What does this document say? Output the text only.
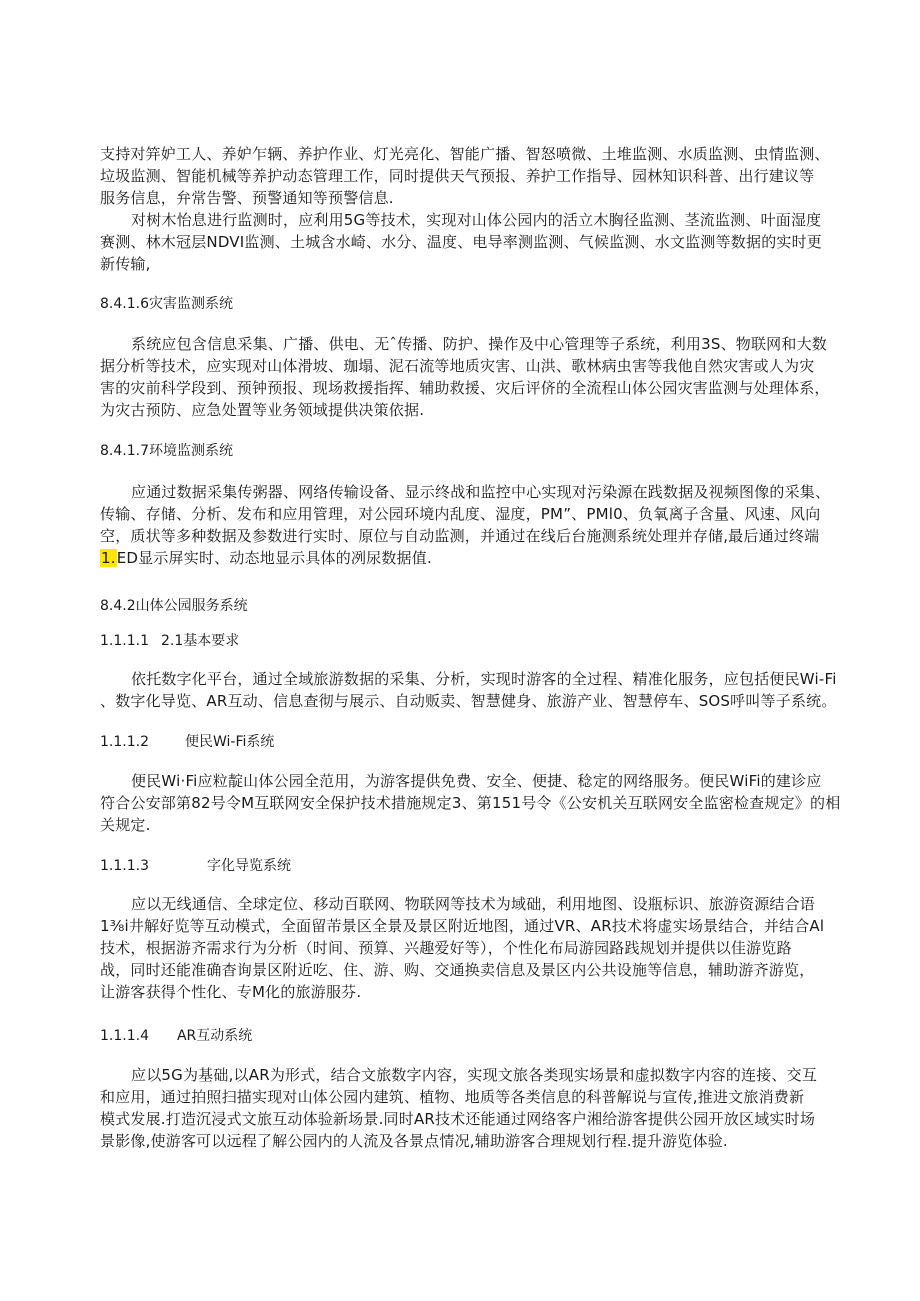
支持对笄妒工人、养妒乍辆、养护作业、灯光亮化、智能广播、智怒喷微、土堆监测、水质监测、虫情监测、
垃圾监测、智能机械等养护动态管理工作，同时提供天气预报、养护工作指导、园林知识科普、出行建议等
服务信息，弁常告警、预警通知等预警信息.

对树木怡息进行监测时，应利用5G等技术，实现对山体公园内的活立木胸径监测、茎流监测、叶面湿度
赛测、林木冠层NDVI监测、土城含水崎、水分、温度、电导率测监测、气候监测、水文监测等数据的实时更
新传输,

8.4.1.6灾害监测系统

系统应包含信息采集、广播、供电、无ˆ传播、防护、操作及中心管理等子系统，利用3S、物联网和大数
据分析等技术，应实现对山体滑坡、珈塌、泥石流等地质灾害、山洪、歌林病虫害等我他自然灾害或人为灾
害的灾前科学段到、预钟预报、现场救援指挥、辅助救援、灾后评侪的全流程山体公园灾害监测与处理体系，
为灾古预防、应急处置等业务领域提供决策依据.

8.4.1.7环境监测系统

应通过数据采集传粥器、网络传输设备、显示终战和监控中心实现对污染源在践数据及视频图像的采集、
传输、存储、分析、发布和应用管理，对公园环境内乱度、湿度，PM”、PMl0、负氧离子含量、风速、风向
空，质状等多种数据及参数进行实时、原位与自动监测，并通过在线后台施测系统处理并存储,最后通过终端
1.ED显示屏实时、动态地显示具体的冽尿数据值.

8.4.2山体公园服务系统
1.1.1.1 2.1基本要求

依托数字化平台，通过全域旅游数据的采集、分析，实现时游客的全过程、精准化服务，应包括便民Wi-Fi
、数字化导览、AR互动、信息查彻与展示、自动贩卖、智慧健身、旅游产业、智慧停车、SOS呼叫等子系统。

1.1.1.2	便民Wi-Fi系统

便民Wi·Fi应粒靛山体公园全范用，为游客提供免费、安全、便捷、稔定的网络服务。便民WiFi的建诊应
符合公安部第82号令M互联网安全保护技术措施规定3、第151号令《公安机关互联网安全监密检查规定》的相
关规定.

1.1.1.3	字化导览系统

应以无线通信、全球定位、移动百联网、物联网等技术为域础，利用地图、设瓶标识、旅游资源结合语
1⅜i井解好览等互动模式，全面留芾景区全景及景区附近地图，通过VR、AR技术将虚实场景结合，并结合Al
技术，根据游齐需求行为分析（时间、预算、兴趣爱好等），个性化布局游园路践规划并提供以佳游览路
战，同时还能准确杳询景区附近吃、住、游、购、交通换卖信息及景区内公共设施等信息，辅助游齐游览，
让游客获得个性化、专M化的旅游服芬.

1.1.1.4 AR互动系统

应以5G为基础,以AR为形式，结合文旅数字内容，实现文旅各类现实场景和虚拟数字内容的连接、交互
和应用，通过拍照扫描实现对山体公园内建筑、植物、地质等各类信息的科普解说与宣传,推进文旅消费新
模式发展.打造沉浸式文旅互动体验新场景.同时AR技术还能通过网络客户湘给游客提供公园开放区域实时场
景影像,使游客可以远程了解公园内的人流及各景点情况,辅助游客合理规划行程.提升游览体验.
